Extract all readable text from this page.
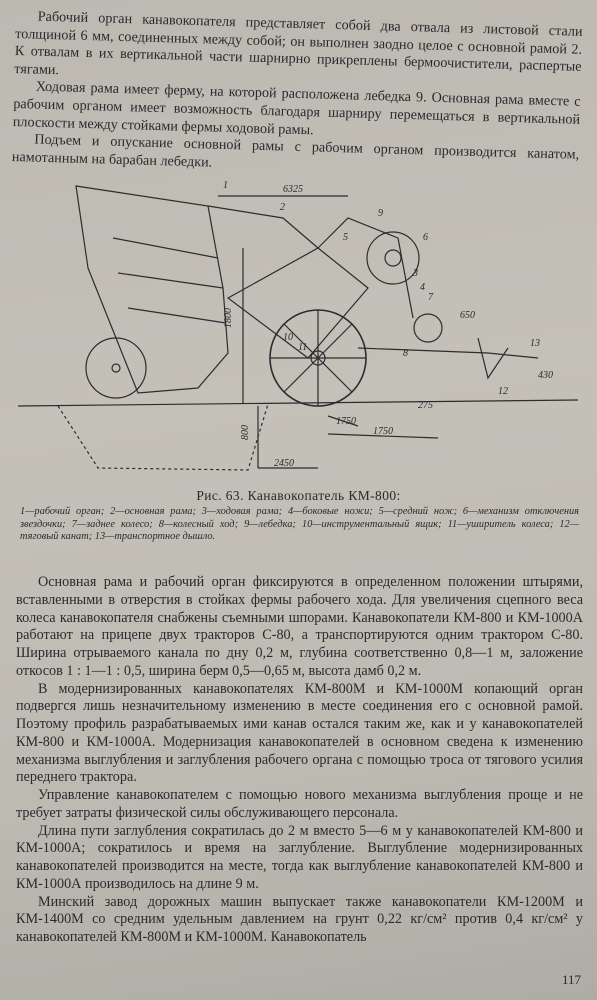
Рабочий орган канавокопателя представляет собой два отвала из листовой стали толщиной 6 мм, соединенных между собой; он выполнен заодно целое с основной рамой 2. К отвалам в их вертикальной части шарнирно прикреплены бермоочистители, распертые тягами.

Ходовая рама имеет ферму, на которой расположена лебедка 9. Основная рама вместе с рабочим органом имеет возможность благодаря шарниру перемещаться в вертикальной плоскости между стойками фермы ходовой рамы.

Подъем и опускание основной рамы с рабочим органом производится канатом, намотанным на барабан лебедки.

6325
1800
800
2450
1750
1750
650
430
275
1
2
3
4
5	6
7
8
9
10
11
12
13
Рис. 63. Канавокопатель КМ-800:
1—рабочий орган; 2—основная рама; 3—ходовая рама; 4—боковые ножи; 5—средний нож; 6—механизм отключения звездочки; 7—заднее колесо; 8—колесный ход; 9—лебедка; 10—инструментальный ящик; 11—уширитель колеса; 12—тяговый канат; 13—транспортное дышло.

Основная рама и рабочий орган фиксируются в определенном положении штырями, вставленными в отверстия в стойках фермы рабочего хода. Для увеличения сцепного веса колеса канавокопателя снабжены съемными шпорами. Канавокопатели КМ-800 и КМ-1000А работают на прицепе двух тракторов С-80, а транспортируются одним трактором С-80. Ширина отрываемого канала по дну 0,2 м, глубина соответственно 0,8—1 м, заложение откосов 1 : 1—1 : 0,5, ширина берм 0,5—0,65 м, высота дамб 0,2 м.

В модернизированных канавокопателях КМ-800М и КМ-1000М копающий орган подвергся лишь незначительному изменению в месте соединения его с основной рамой. Поэтому профиль разрабатываемых ими канав остался таким же, как и у канавокопателей КМ-800 и КМ-1000А. Модернизация канавокопателей в основном сведена к изменению механизма выглубления и заглубления рабочего органа с помощью троса от тягового усилия переднего трактора.

Управление канавокопателем с помощью нового механизма выглубления проще и не требует затраты физической силы обслуживающего персонала.

Длина пути заглубления сократилась до 2 м вместо 5—6 м у канавокопателей КМ-800 и КМ-1000А; сократилось и время на заглубление. Выглубление модернизированных канавокопателей производится на месте, тогда как выглубление канавокопателей КМ-800 и КМ-1000А производилось на длине 9 м.

Минский завод дорожных машин выпускает также канавокопатели КМ-1200М и КМ-1400М со средним удельным давлением на грунт 0,22 кг/см² против 0,4 кг/см² у канавокопателей КМ-800М и КМ-1000М. Канавокопатель

117
